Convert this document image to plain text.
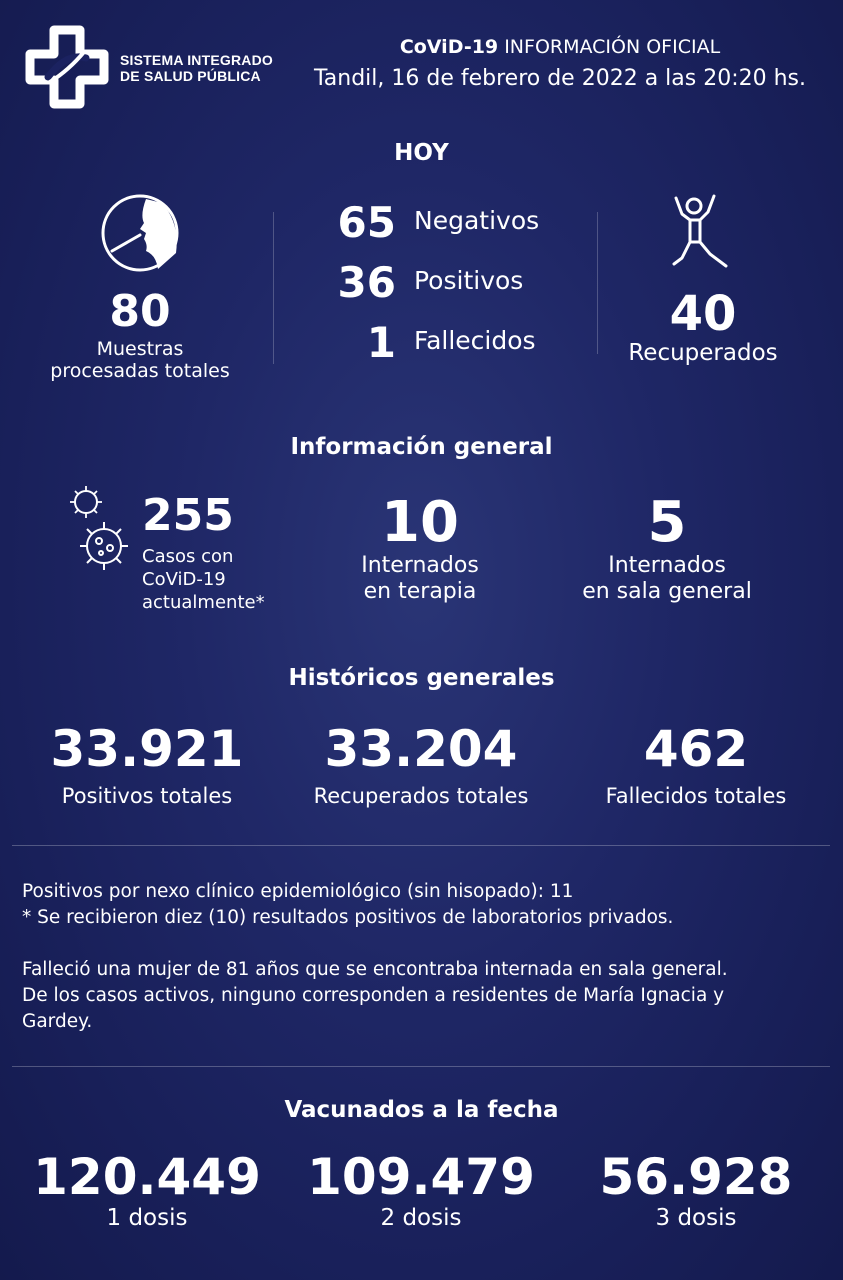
SISTEMA INTEGRADO
DE SALUD PÚBLICA
CoViD-19 INFORMACIÓN OFICIAL
Tandil, 16 de febrero de 2022 a las 20:20 hs.
HOY
80
Muestras
procesadas totales
65 Negativos
36 Positivos
1 Fallecidos	40
Recuperados
Información general
255
Casos con
CoViD-19
actualmente*
10
Internados
en terapia
5
Internados
en sala general
Históricos generales
33.921
Positivos totales
33.204
Recuperados totales
462
Fallecidos totales
Positivos por nexo clínico epidemiológico (sin hisopado): 11
* Se recibieron diez (10) resultados positivos de laboratorios privados.
Falleció una mujer de 81 años que se encontraba internada en sala general.
De los casos activos, ninguno corresponden a residentes de María Ignacia y
Gardey.
Vacunados a la fecha
120.449
1 dosis
109.479
2 dosis
56.928
3 dosis
